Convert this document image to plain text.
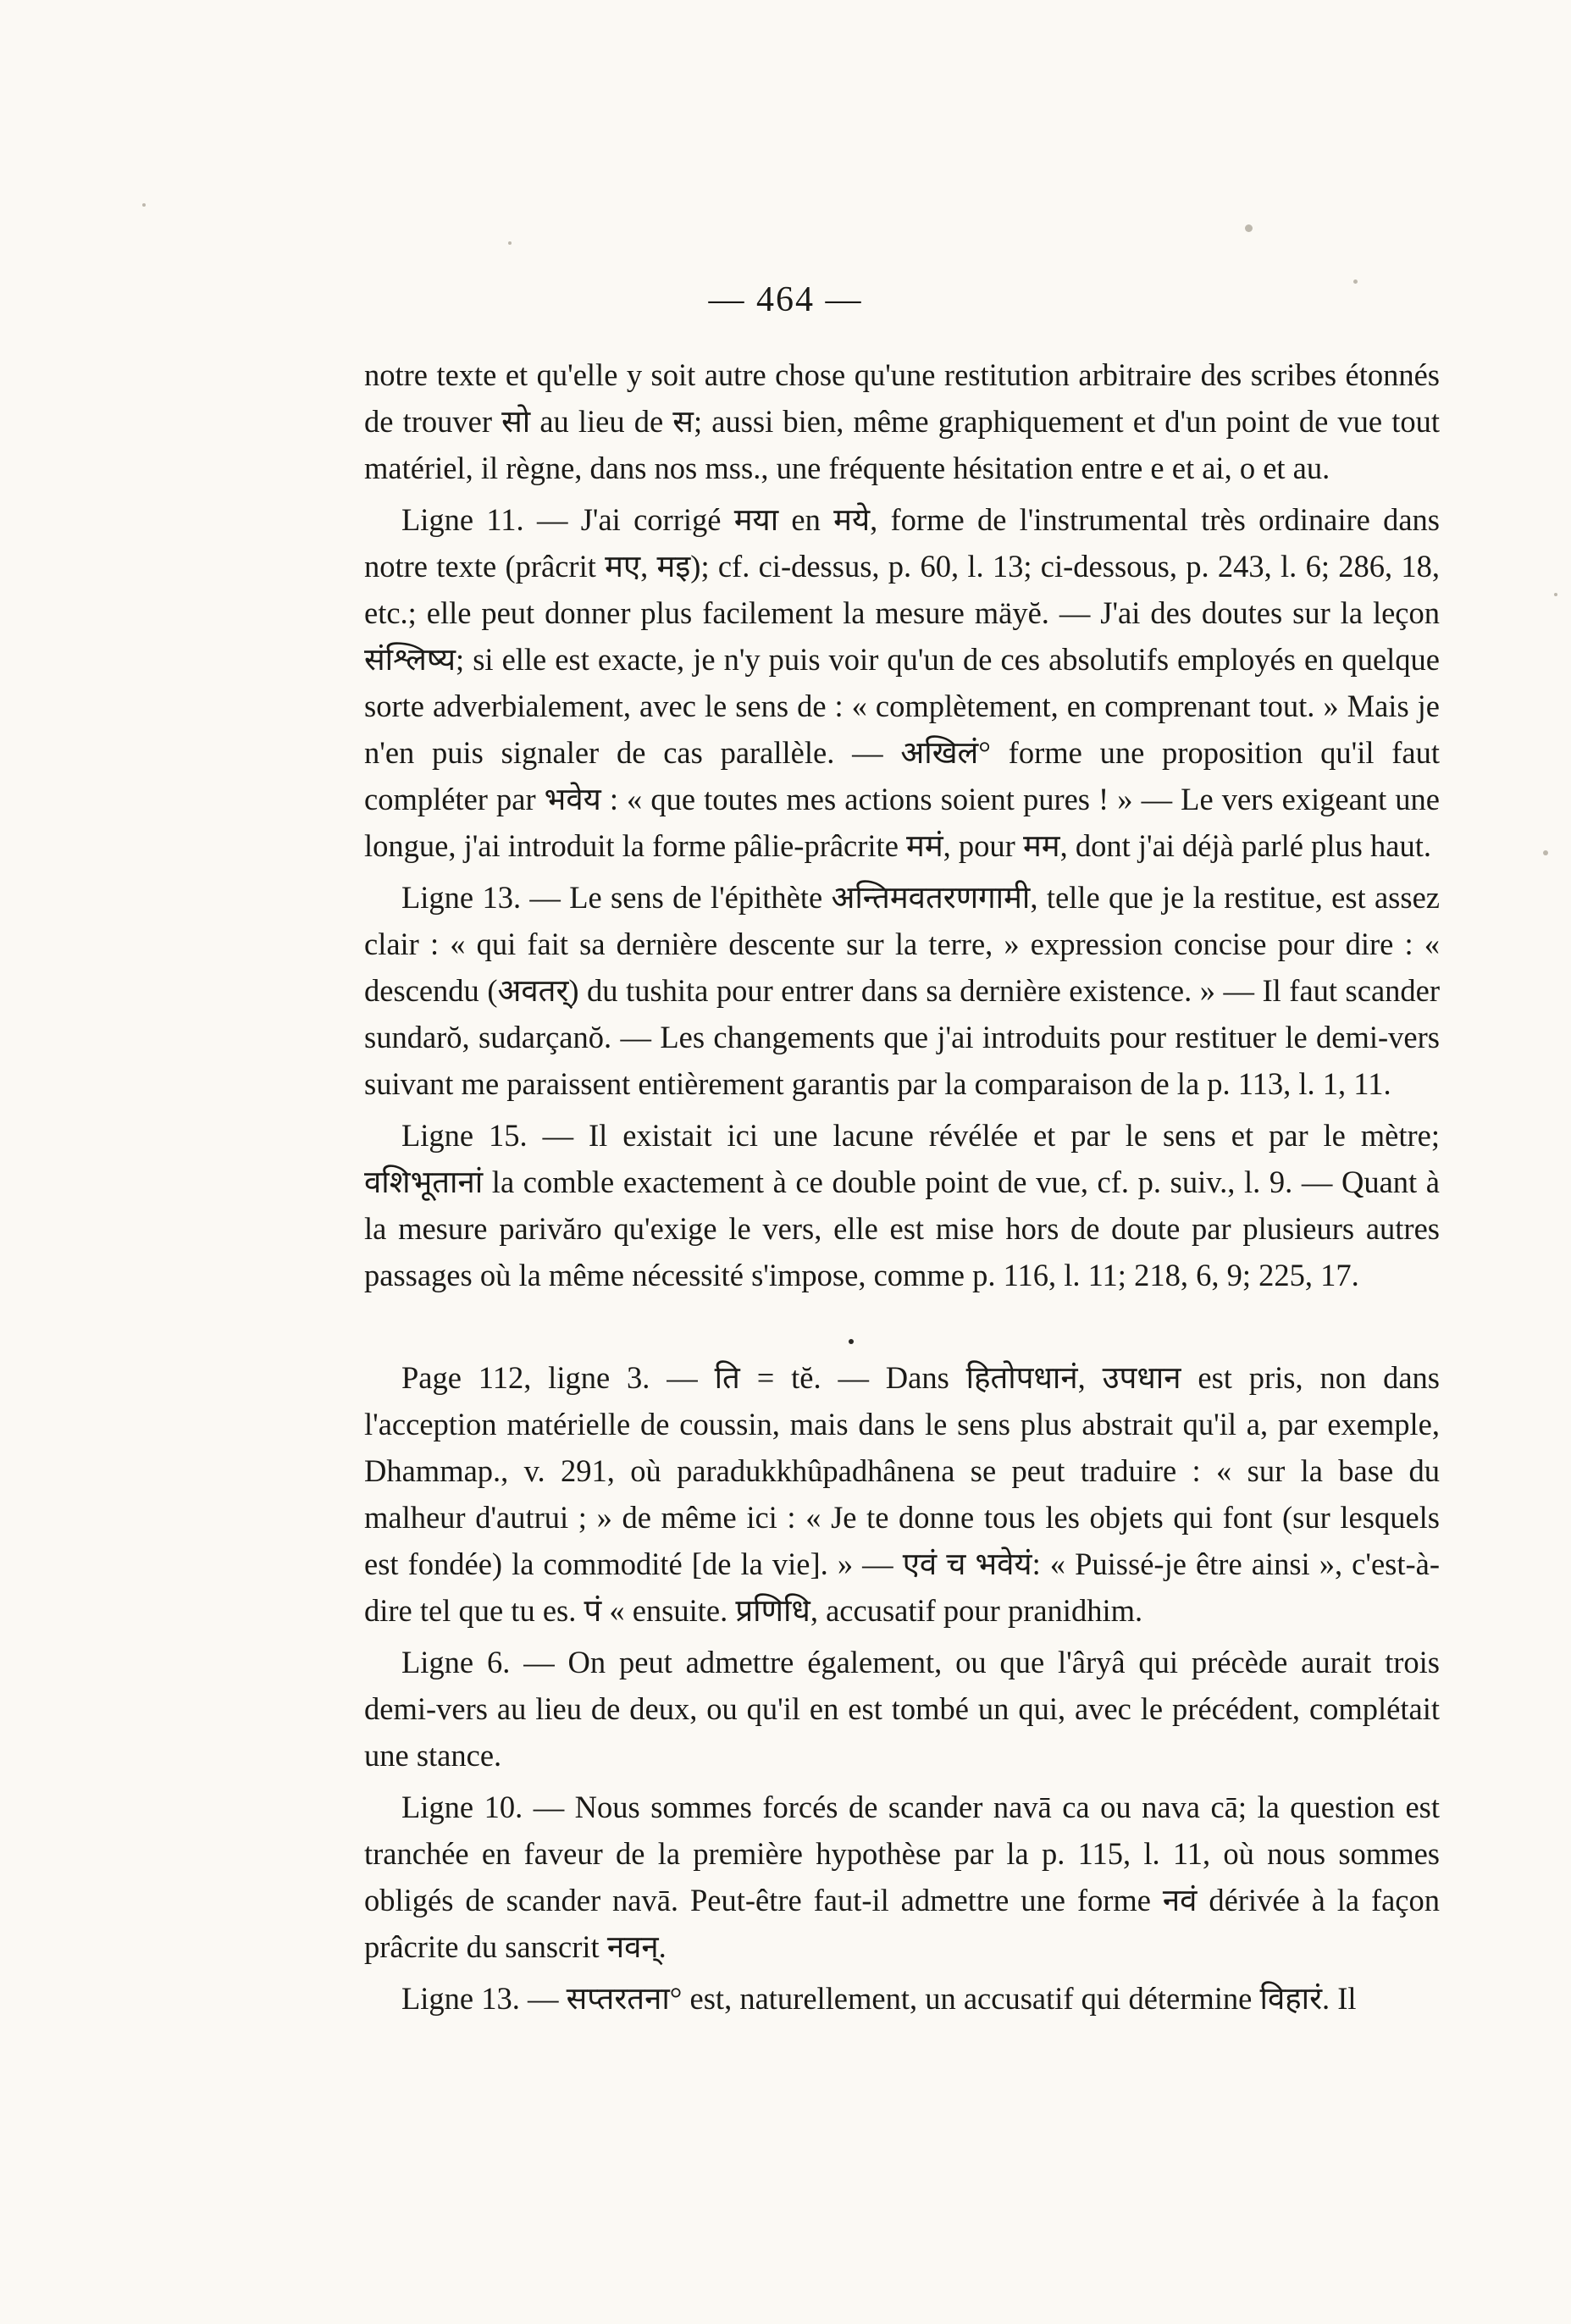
— 464 —

notre texte et qu'elle y soit autre chose qu'une restitution arbitraire des scribes étonnés de trouver सो au lieu de स; aussi bien, même graphiquement et d'un point de vue tout matériel, il règne, dans nos mss., une fréquente hésitation entre e et ai, o et au.

Ligne 11. — J'ai corrigé मया en मये, forme de l'instrumental très ordinaire dans notre texte (prâcrit मए, मइ); cf. ci-dessus, p. 60, l. 13; ci-dessous, p. 243, l. 6; 286, 18, etc.; elle peut donner plus facilement la mesure mäyĕ. — J'ai des doutes sur la leçon संश्लिष्य; si elle est exacte, je n'y puis voir qu'un de ces absolutifs employés en quelque sorte adverbialement, avec le sens de : « complètement, en comprenant tout. » Mais je n'en puis signaler de cas parallèle. — अखिलं° forme une proposition qu'il faut compléter par भवेय : « que toutes mes actions soient pures ! » — Le vers exigeant une longue, j'ai introduit la forme pâlie-prâcrite ममं, pour मम, dont j'ai déjà parlé plus haut.

Ligne 13. — Le sens de l'épithète अन्तिमवतरणगामी, telle que je la restitue, est assez clair : « qui fait sa dernière descente sur la terre, » expression concise pour dire : « descendu (अवतर्) du tushita pour entrer dans sa dernière existence. » — Il faut scander sundarŏ, sudarçanŏ. — Les changements que j'ai introduits pour restituer le demi-vers suivant me paraissent entièrement garantis par la comparaison de la p. 113, l. 1, 11.

Ligne 15. — Il existait ici une lacune révélée et par le sens et par le mètre; वशिभूतानां la comble exactement à ce double point de vue, cf. p. suiv., l. 9. — Quant à la mesure parivăro qu'exige le vers, elle est mise hors de doute par plusieurs autres passages où la même nécessité s'impose, comme p. 116, l. 11; 218, 6, 9; 225, 17.

Page 112, ligne 3. — ति = tĕ. — Dans हितोपधानं, उपधान est pris, non dans l'acception matérielle de coussin, mais dans le sens plus abstrait qu'il a, par exemple, Dhammap., v. 291, où paradukkhûpadhânena se peut traduire : « sur la base du malheur d'autrui ; » de même ici : « Je te donne tous les objets qui font (sur lesquels est fondée) la commodité [de la vie]. » — एवं च भवेयं: « Puissé-je être ainsi », c'est-à-dire tel que tu es. पं « ensuite. प्रणिधि, accusatif pour pranidhim.

Ligne 6. — On peut admettre également, ou que l'âryâ qui précède aurait trois demi-vers au lieu de deux, ou qu'il en est tombé un qui, avec le précédent, complétait une stance.

Ligne 10. — Nous sommes forcés de scander navā ca ou nava cā; la question est tranchée en faveur de la première hypothèse par la p. 115, l. 11, où nous sommes obligés de scander navā. Peut-être faut-il admettre une forme नवं dérivée à la façon prâcrite du sanscrit नवन्.

Ligne 13. — सप्तरतना° est, naturellement, un accusatif qui détermine विहारं. Il
